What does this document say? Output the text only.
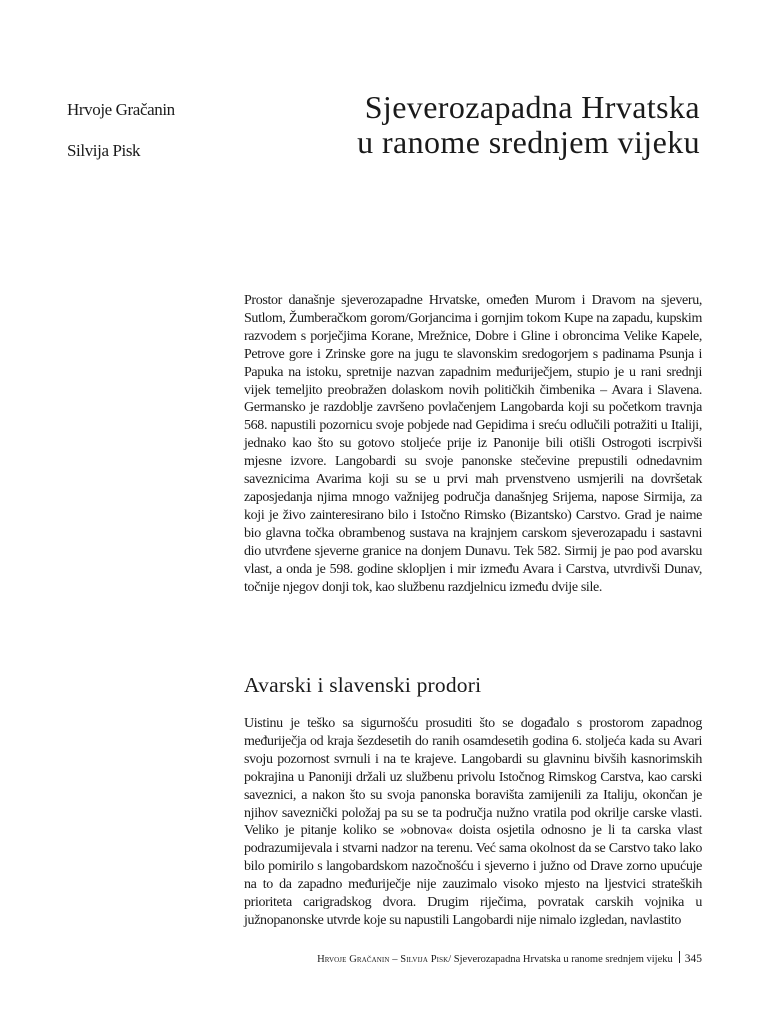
Hrvoje Gračanin

Silvija Pisk

Sjeverozapadna Hrvatska
u ranome srednjem vijeku

Prostor današnje sjeverozapadne Hrvatske, omeđen Murom i Dravom na sjeveru, Sutlom, Žumberačkom gorom/Gorjancima i gornjim tokom Kupe na zapadu, kupskim razvodem s porječjima Korane, Mrežnice, Dobre i Gline i obroncima Velike Kapele, Petrove gore i Zrinske gore na jugu te slavonskim sredogorjem s padinama Psunja i Papuka na istoku, spretnije nazvan zapadnim međuriječjem, stupio je u rani srednji vijek temeljito preobražen dolaskom novih političkih čimbenika – Avara i Slavena. Germansko je razdoblje završeno povlačenjem Langobarda koji su početkom travnja 568. napustili pozornicu svoje pobjede nad Gepidima i sreću odlučili potražiti u Italiji, jednako kao što su gotovo stoljeće prije iz Panonije bili otišli Ostrogoti iscrpivši mjesne izvore. Langobardi su svoje panonske stečevine prepustili odnedavnim saveznicima Avarima koji su se u prvi mah prvenstveno usmjerili na dovršetak zaposjedanja njima mnogo važnijeg područja današnjeg Srijema, napose Sirmija, za koji je živo zainteresirano bilo i Istočno Rimsko (Bizantsko) Carstvo. Grad je naime bio glavna točka obrambenog sustava na krajnjem carskom sjeverozapadu i sastavni dio utvrđene sjeverne granice na donjem Dunavu. Tek 582. Sirmij je pao pod avarsku vlast, a onda je 598. godine sklopljen i mir između Avara i Carstva, utvrdivši Dunav, točnije njegov donji tok, kao službenu razdjelnicu između dvije sile.

Avarski i slavenski prodori

Uistinu je teško sa sigurnošću prosuditi što se događalo s prostorom zapadnog međuriječja od kraja šezdesetih do ranih osamdesetih godina 6. stoljeća kada su Avari svoju pozornost svrnuli i na te krajeve. Langobardi su glavninu bivših kasnorimskih pokrajina u Panoniji držali uz službenu privolu Istočnog Rimskog Carstva, kao carski saveznici, a nakon što su svoja panonska boravišta zamijenili za Italiju, okončan je njihov saveznički položaj pa su se ta područja nužno vratila pod okrilje carske vlasti. Veliko je pitanje koliko se »obnova« doista osjetila odnosno je li ta carska vlast podrazumijevala i stvarni nadzor na terenu. Već sama okolnost da se Carstvo tako lako bilo pomirilo s langobardskom nazočnošću i sjeverno i južno od Drave zorno upućuje na to da zapadno međuriječje nije zauzimalo visoko mjesto na ljestvici strateških prioriteta carigradskog dvora. Drugim riječima, povratak carskih vojnika u južnopanonske utvrde koje su napustili Langobardi nije nimalo izgledan, navlastito

Hrvoje Gračanin – Silvija Pisk / Sjeverozapadna Hrvatska u ranome srednjem vijeku 345
